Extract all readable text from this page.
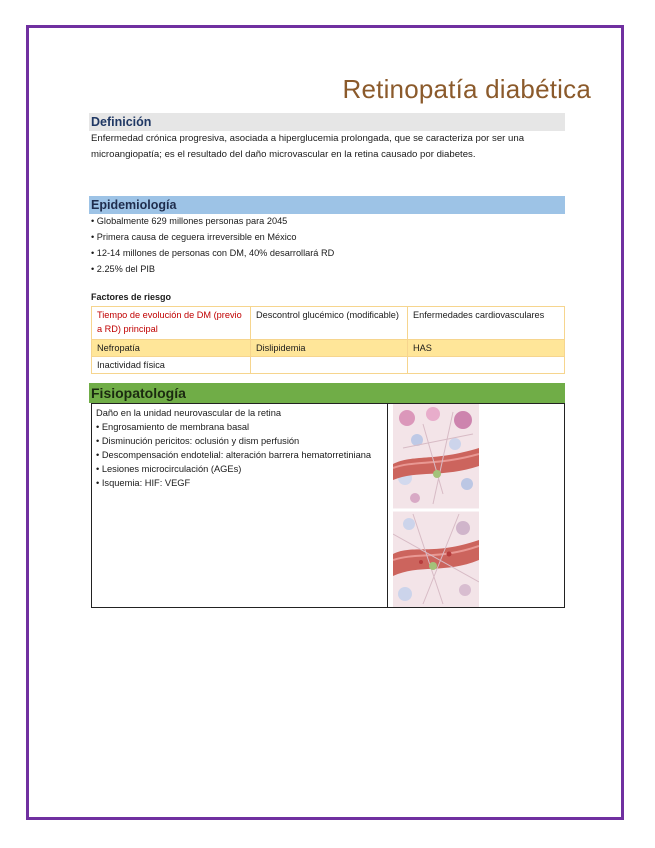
Retinopatía diabética
Definición
Enfermedad crónica progresiva, asociada a hiperglucemia prolongada, que se caracteriza por ser una microangiopatía; es el resultado del daño microvascular en la retina causado por diabetes.
Epidemiología
• Globalmente 629 millones personas para 2045
• Primera causa de ceguera irreversible en México
• 12-14 millones de personas con DM, 40% desarrollará RD
• 2.25% del PIB
Factores de riesgo
Tiempo de evolución de DM (previo a RD) principal	Descontrol glucémico (modificable)	Enfermedades cardiovasculares
Nefropatía	Dislipidemia	HAS
Inactividad física		
Fisiopatología
Daño en la unidad neurovascular de la retina
• Engrosamiento de membrana basal
• Disminución pericitos: oclusión y dism perfusión
• Descompensación endotelial: alteración barrera hematorretiniana
• Lesiones microcirculación (AGEs)
• Isquemia: HIF: VEGF
